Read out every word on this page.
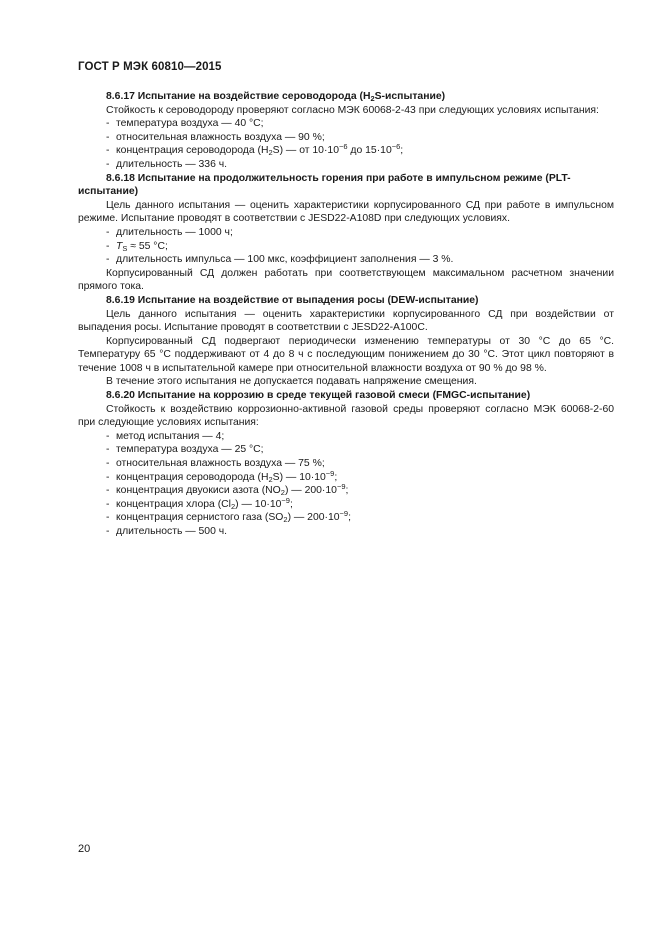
ГОСТ Р МЭК 60810—2015

8.6.17 Испытание на воздействие сероводорода $(H_2S-испытание)$

Стойкость к сероводороду проверяют согласно МЭК 60068-2-43 при следующих условиях испытания:

- температура воздуха — 40 °C;

- относительная влажность воздуха — 90 %;

- концентрация сероводорода $(H_2S)$ — от $10\cdot 10^{-6}$ до $15\cdot 10^{-6}$;

- длительность — 336 ч.

8.6.18 Испытание на продолжительность горения при работе в импульсном режиме (PLT-испытание)

Цель данного испытания — оценить характеристики корпусированного СД при работе в импульсном режиме. Испытание проводят в соответствии с JESD22-A108D при следующих условиях.

- длительность — 1000 ч;

- $T_S \approx 55$ °C;

- длительность импульса — 100 мкс, коэффициент заполнения — 3 %.

Корпусированный СД должен работать при соответствующем максимальном расчетном значении прямого тока.

8.6.19 Испытание на воздействие от выпадения росы (DEW-испытание)

Цель данного испытания — оценить характеристики корпусированного СД при воздействии от выпадения росы. Испытание проводят в соответствии с JESD22-A100C.

Корпусированный СД подвергают периодически изменению температуры от 30 °C до 65 °C. Температуру 65 °C поддерживают от 4 до 8 ч с последующим понижением до 30 °C. Этот цикл повторяют в течение 1008 ч в испытательной камере при относительной влажности воздуха от 90 % до 98 %.

В течение этого испытания не допускается подавать напряжение смещения.

8.6.20 Испытание на коррозию в среде текущей газовой смеси (FMGC-испытание)

Стойкость к воздействию коррозионно-активной газовой среды проверяют согласно МЭК 60068-2-60 при следующие условиях испытания:

- метод испытания — 4;

- температура воздуха — 25 °C;

- относительная влажность воздуха — 75 %;

- концентрация сероводорода $(H_2S)$ — $10\cdot 10^{-9}$;

- концентрация двуокиси азота $(NO_2)$ — $200\cdot 10^{-9}$;

- концентрация хлора $(Cl_2)$ — $10\cdot 10^{-9}$;

- концентрация сернистого газа $(SO_2)$ — $200\cdot 10^{-9}$;

- длительность — 500 ч.

20
